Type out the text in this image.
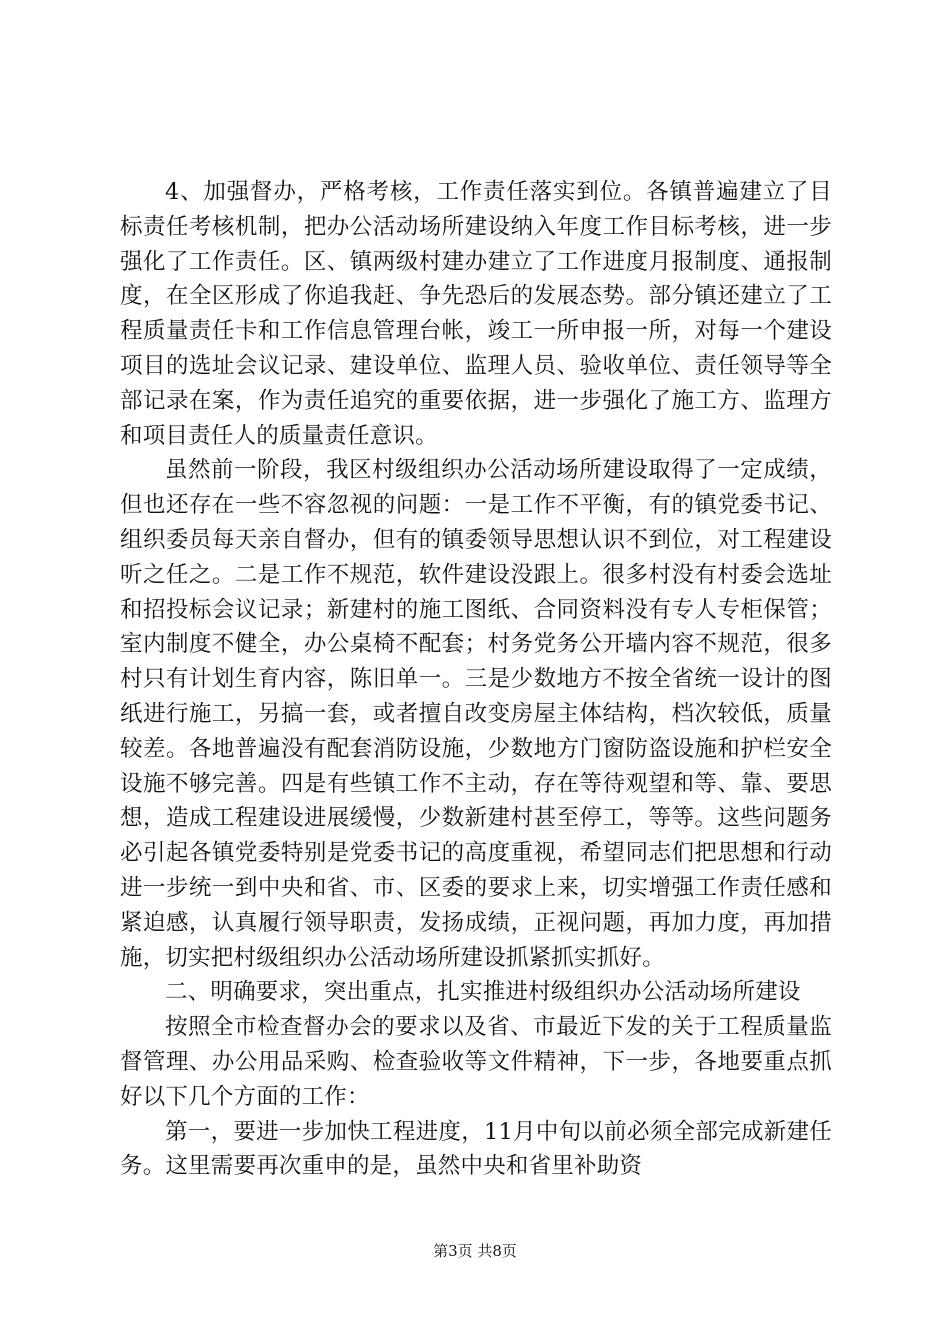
4、加强督办，严格考核，工作责任落实到位。各镇普遍建立了目标责任考核机制，把办公活动场所建设纳入年度工作目标考核，进一步强化了工作责任。区、镇两级村建办建立了工作进度月报制度、通报制度，在全区形成了你追我赶、争先恐后的发展态势。部分镇还建立了工程质量责任卡和工作信息管理台帐，竣工一所申报一所，对每一个建设项目的选址会议记录、建设单位、监理人员、验收单位、责任领导等全部记录在案，作为责任追究的重要依据，进一步强化了施工方、监理方和项目责任人的质量责任意识。

虽然前一阶段，我区村级组织办公活动场所建设取得了一定成绩，但也还存在一些不容忽视的问题：一是工作不平衡，有的镇党委书记、组织委员每天亲自督办，但有的镇委领导思想认识不到位，对工程建设听之任之。二是工作不规范，软件建设没跟上。很多村没有村委会选址和招投标会议记录；新建村的施工图纸、合同资料没有专人专柜保管；室内制度不健全，办公桌椅不配套；村务党务公开墙内容不规范，很多村只有计划生育内容，陈旧单一。三是少数地方不按全省统一设计的图纸进行施工，另搞一套，或者擅自改变房屋主体结构，档次较低，质量较差。各地普遍没有配套消防设施，少数地方门窗防盗设施和护栏安全设施不够完善。四是有些镇工作不主动，存在等待观望和等、靠、要思想，造成工程建设进展缓慢，少数新建村甚至停工，等等。这些问题务必引起各镇党委特别是党委书记的高度重视，希望同志们把思想和行动进一步统一到中央和省、市、区委的要求上来，切实增强工作责任感和紧迫感，认真履行领导职责，发扬成绩，正视问题，再加力度，再加措施，切实把村级组织办公活动场所建设抓紧抓实抓好。

二、明确要求，突出重点，扎实推进村级组织办公活动场所建设

按照全市检查督办会的要求以及省、市最近下发的关于工程质量监督管理、办公用品采购、检查验收等文件精神，下一步，各地要重点抓好以下几个方面的工作：

第一，要进一步加快工程进度，11月中旬以前必须全部完成新建任务。这里需要再次重申的是，虽然中央和省里补助资

第3页 共8页
